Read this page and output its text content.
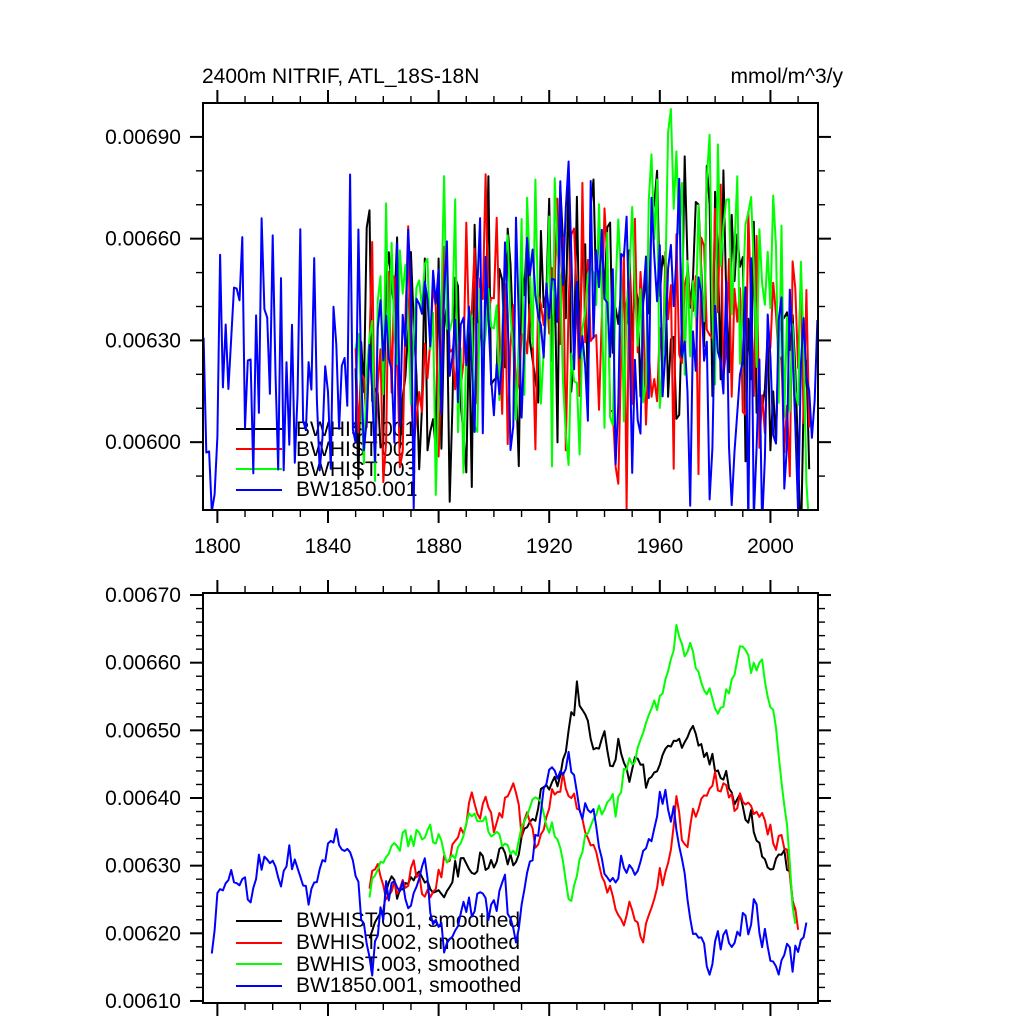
2400m NITRIF, ATL_18S-18N	mmol/m^3/y
BWHIST.001
BWHIST.002
BWHIST.003
BW1850.001
BWHIST.001, smoothed
BWHIST.002, smoothed
BWHIST.003, smoothed
BW1850.001, smoothed
0.00600
0.00630
0.00660
0.00690
1800	1840	1880	1920	1960	2000
0.00610
0.00620
0.00630
0.00640
0.00650
0.00660
0.00670
